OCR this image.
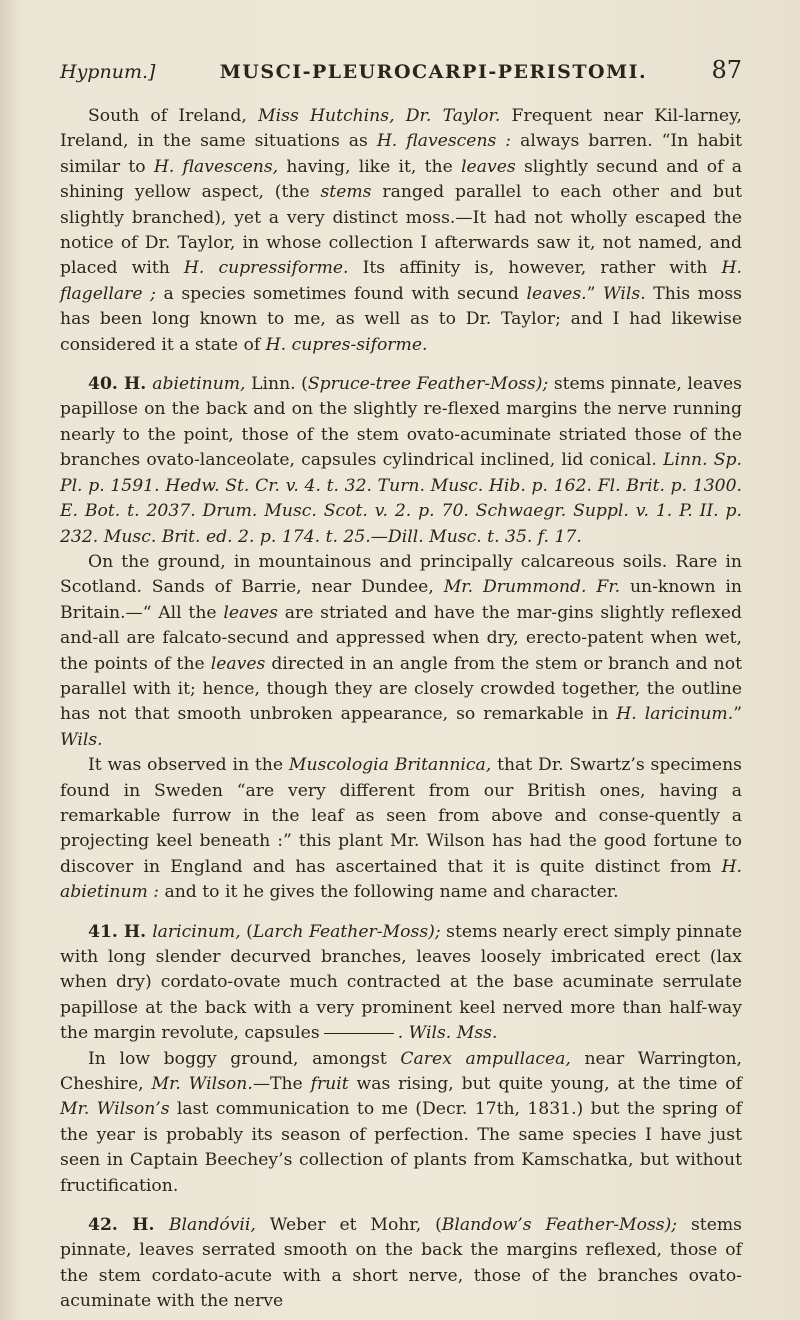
Hypnum.]	MUSCI-PLEUROCARPI-PERISTOMI.	87

South of Ireland, Miss Hutchins, Dr. Taylor. Frequent near Kil-larney, Ireland, in the same situations as H. flavescens : always barren. “In habit similar to H. flavescens, having, like it, the leaves slightly secund and of a shining yellow aspect, (the stems ranged parallel to each other and but slightly branched), yet a very distinct moss.—It had not wholly escaped the notice of Dr. Taylor, in whose collection I afterwards saw it, not named, and placed with H. cupressiforme. Its affinity is, however, rather with H. flagellare ; a species sometimes found with secund leaves.” Wils. This moss has been long known to me, as well as to Dr. Taylor; and I had likewise considered it a state of H. cupres-siforme.

40. H. abietinum, Linn. (Spruce-tree Feather-Moss); stems pinnate, leaves papillose on the back and on the slightly re-flexed margins the nerve running nearly to the point, those of the stem ovato-acuminate striated those of the branches ovato-lanceolate, capsules cylindrical inclined, lid conical. Linn. Sp. Pl. p. 1591. Hedw. St. Cr. v. 4. t. 32. Turn. Musc. Hib. p. 162. Fl. Brit. p. 1300. E. Bot. t. 2037. Drum. Musc. Scot. v. 2. p. 70. Schwaegr. Suppl. v. 1. P. II. p. 232. Musc. Brit. ed. 2. p. 174. t. 25.—Dill. Musc. t. 35. f. 17.

On the ground, in mountainous and principally calcareous soils. Rare in Scotland. Sands of Barrie, near Dundee, Mr. Drummond. Fr. un-known in Britain.—“ All the leaves are striated and have the mar-gins slightly reflexed and-all are falcato-secund and appressed when dry, erecto-patent when wet, the points of the leaves directed in an angle from the stem or branch and not parallel with it; hence, though they are closely crowded together, the outline has not that smooth unbroken appearance, so remarkable in H. laricinum.” Wils.

It was observed in the Muscologia Britannica, that Dr. Swartz’s specimens found in Sweden “are very different from our British ones, having a remarkable furrow in the leaf as seen from above and conse-quently a projecting keel beneath :” this plant Mr. Wilson has had the good fortune to discover in England and has ascertained that it is quite distinct from H. abietinum : and to it he gives the following name and character.

41. H. laricinum, (Larch Feather-Moss); stems nearly erect simply pinnate with long slender decurved branches, leaves loosely imbricated erect (lax when dry) cordato-ovate much contracted at the base acuminate serrulate papillose at the back with a very prominent keel nerved more than half-way the margin revolute, capsules	. Wils. Mss.

In low boggy ground, amongst Carex ampullacea, near Warrington, Cheshire, Mr. Wilson.—The fruit was rising, but quite young, at the time of Mr. Wilson’s last communication to me (Decr. 17th, 1831.) but the spring of the year is probably its season of perfection. The same species I have just seen in Captain Beechey’s collection of plants from Kamschatka, but without fructification.

42. H. Blandóvii, Weber et Mohr, (Blandow’s Feather-Moss); stems pinnate, leaves serrated smooth on the back the margins reflexed, those of the stem cordato-acute with a short nerve, those of the branches ovato-acuminate with the nerve
